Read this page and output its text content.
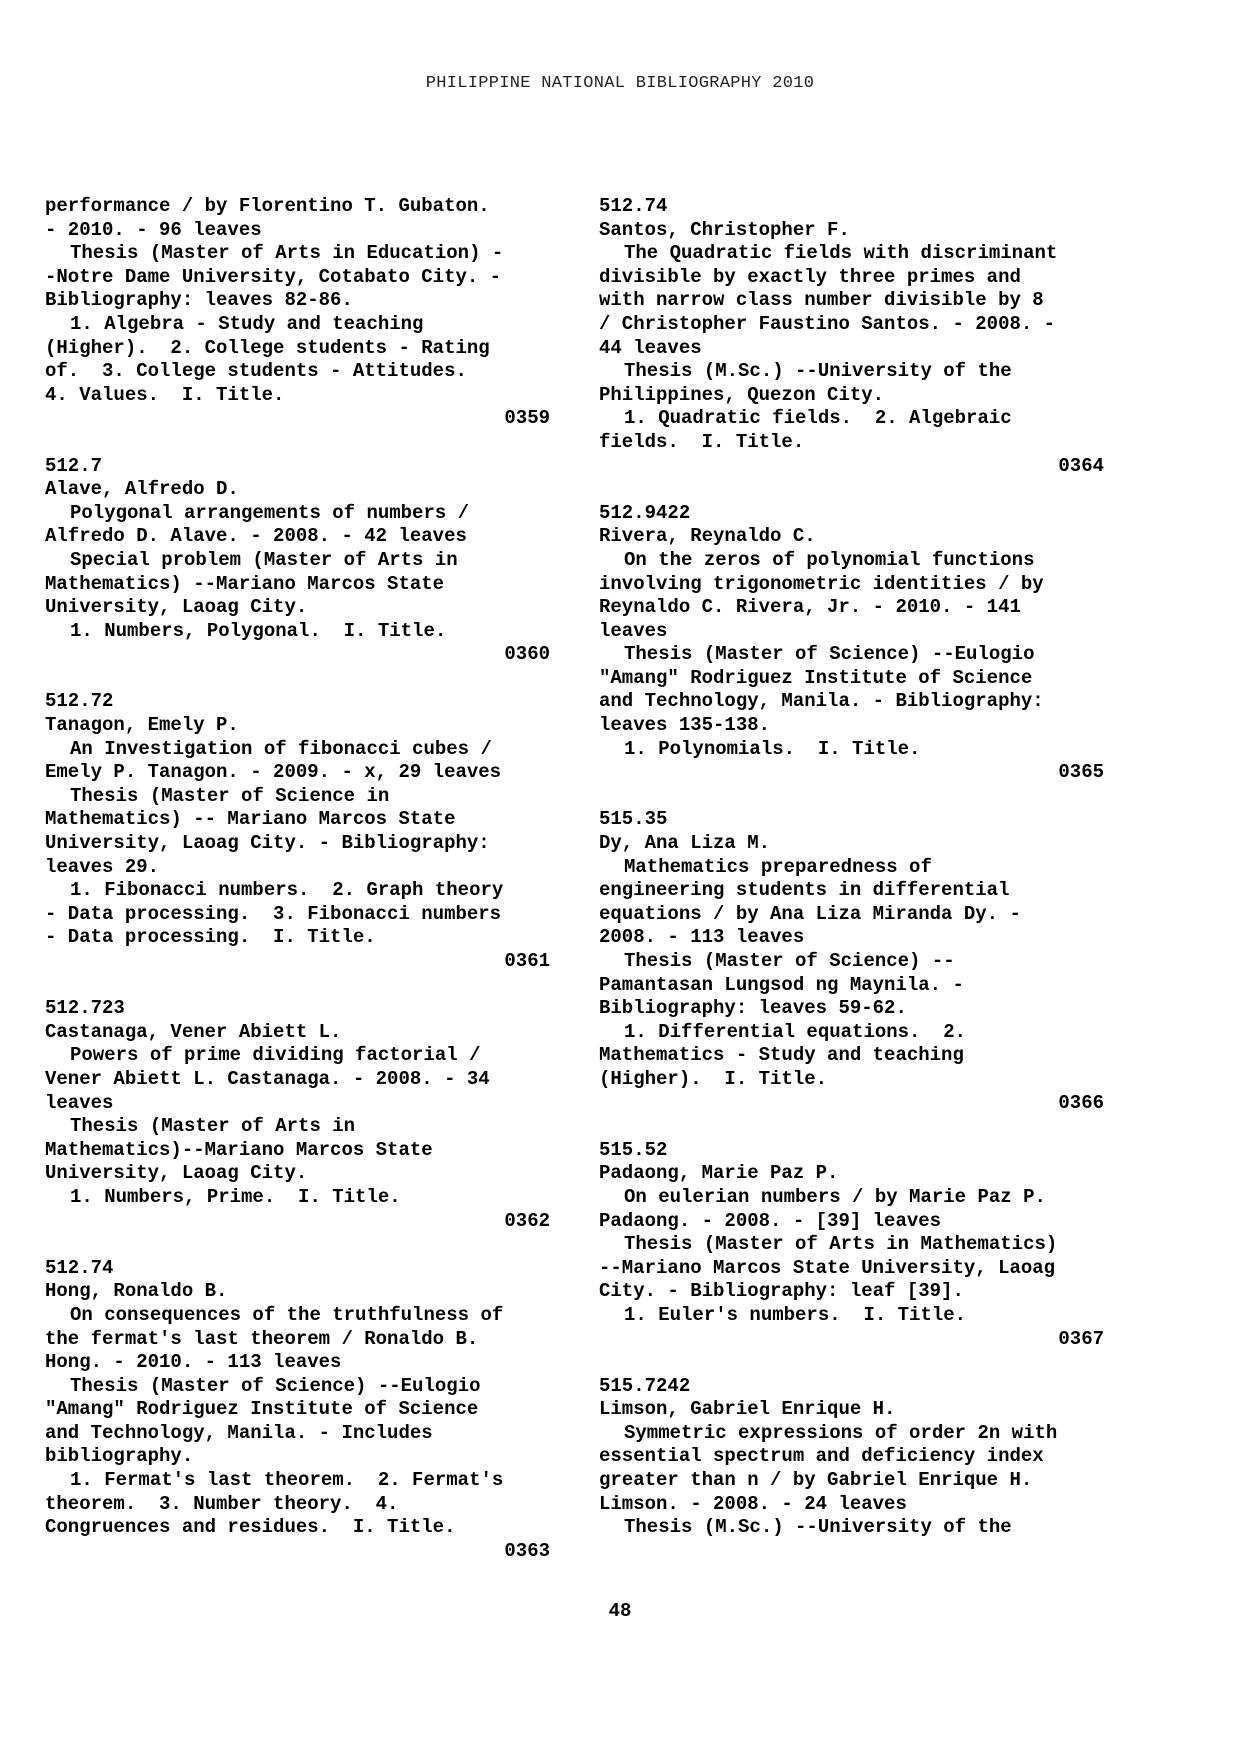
PHILIPPINE NATIONAL BIBLIOGRAPHY 2010
performance / by Florentino T. Gubaton.
- 2010. - 96 leaves
Thesis (Master of Arts in Education) -
-Notre Dame University, Cotabato City. -
Bibliography: leaves 82-86.
1. Algebra - Study and teaching
(Higher).  2. College students - Rating
of.  3. College students - Attitudes.
4. Values.  I. Title.
0359
512.7
Alave, Alfredo D.
Polygonal arrangements of numbers /
Alfredo D. Alave. - 2008. - 42 leaves
Special problem (Master of Arts in
Mathematics) --Mariano Marcos State
University, Laoag City.
1. Numbers, Polygonal.  I. Title.
0360
512.72
Tanagon, Emely P.
An Investigation of fibonacci cubes /
Emely P. Tanagon. - 2009. - x, 29 leaves
Thesis (Master of Science in
Mathematics) -- Mariano Marcos State
University, Laoag City. - Bibliography:
leaves 29.
1. Fibonacci numbers.  2. Graph theory
- Data processing.  3. Fibonacci numbers
- Data processing.  I. Title.
0361
512.723
Castanaga, Vener Abiett L.
Powers of prime dividing factorial /
Vener Abiett L. Castanaga. - 2008. - 34
leaves
Thesis (Master of Arts in
Mathematics)--Mariano Marcos State
University, Laoag City.
1. Numbers, Prime.  I. Title.
0362
512.74
Hong, Ronaldo B.
On consequences of the truthfulness of
the fermat's last theorem / Ronaldo B.
Hong. - 2010. - 113 leaves
Thesis (Master of Science) --Eulogio
"Amang" Rodriguez Institute of Science
and Technology, Manila. - Includes
bibliography.
1. Fermat's last theorem.  2. Fermat's
theorem.  3. Number theory.  4.
Congruences and residues.  I. Title.
0363
512.74
Santos, Christopher F.
The Quadratic fields with discriminant
divisible by exactly three primes and
with narrow class number divisible by 8
/ Christopher Faustino Santos. - 2008. -
44 leaves
Thesis (M.Sc.) --University of the
Philippines, Quezon City.
1. Quadratic fields.  2. Algebraic
fields.  I. Title.
0364
512.9422
Rivera, Reynaldo C.
On the zeros of polynomial functions
involving trigonometric identities / by
Reynaldo C. Rivera, Jr. - 2010. - 141
leaves
Thesis (Master of Science) --Eulogio
"Amang" Rodriguez Institute of Science
and Technology, Manila. - Bibliography:
leaves 135-138.
1. Polynomials.  I. Title.
0365
515.35
Dy, Ana Liza M.
Mathematics preparedness of
engineering students in differential
equations / by Ana Liza Miranda Dy. -
2008. - 113 leaves
Thesis (Master of Science) --
Pamantasan Lungsod ng Maynila. -
Bibliography: leaves 59-62.
1. Differential equations.  2.
Mathematics - Study and teaching
(Higher).  I. Title.
0366
515.52
Padaong, Marie Paz P.
On eulerian numbers / by Marie Paz P.
Padaong. - 2008. - [39] leaves
Thesis (Master of Arts in Mathematics)
--Mariano Marcos State University, Laoag
City. - Bibliography: leaf [39].
1. Euler's numbers.  I. Title.
0367
515.7242
Limson, Gabriel Enrique H.
Symmetric expressions of order 2n with
essential spectrum and deficiency index
greater than n / by Gabriel Enrique H.
Limson. - 2008. - 24 leaves
Thesis (M.Sc.) --University of the
48
